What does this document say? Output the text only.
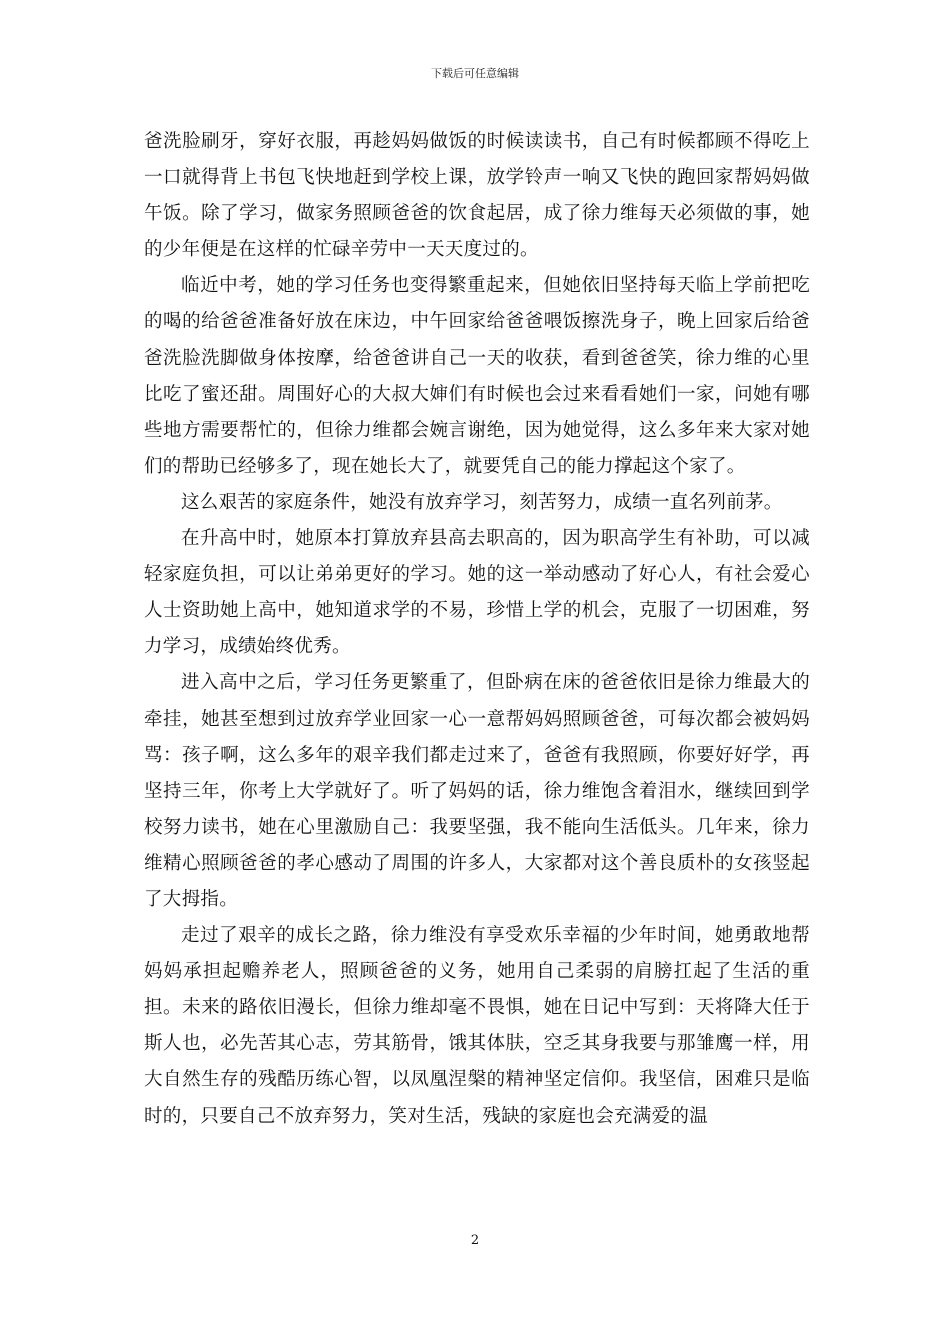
下载后可任意编辑

爸洗脸刷牙，穿好衣服，再趁妈妈做饭的时候读读书，自己有时候都顾不得吃上一口就得背上书包飞快地赶到学校上课，放学铃声一响又飞快的跑回家帮妈妈做午饭。除了学习，做家务照顾爸爸的饮食起居，成了徐力维每天必须做的事，她的少年便是在这样的忙碌辛劳中一天天度过的。

临近中考，她的学习任务也变得繁重起来，但她依旧坚持每天临上学前把吃的喝的给爸爸准备好放在床边，中午回家给爸爸喂饭擦洗身子，晚上回家后给爸爸洗脸洗脚做身体按摩，给爸爸讲自己一天的收获，看到爸爸笑，徐力维的心里比吃了蜜还甜。周围好心的大叔大婶们有时候也会过来看看她们一家，问她有哪些地方需要帮忙的，但徐力维都会婉言谢绝，因为她觉得，这么多年来大家对她们的帮助已经够多了，现在她长大了，就要凭自己的能力撑起这个家了。

这么艰苦的家庭条件，她没有放弃学习，刻苦努力，成绩一直名列前茅。

在升高中时，她原本打算放弃县高去职高的，因为职高学生有补助，可以减轻家庭负担，可以让弟弟更好的学习。她的这一举动感动了好心人，有社会爱心人士资助她上高中，她知道求学的不易，珍惜上学的机会，克服了一切困难，努力学习，成绩始终优秀。

进入高中之后，学习任务更繁重了，但卧病在床的爸爸依旧是徐力维最大的牵挂，她甚至想到过放弃学业回家一心一意帮妈妈照顾爸爸，可每次都会被妈妈骂：孩子啊，这么多年的艰辛我们都走过来了，爸爸有我照顾，你要好好学，再坚持三年，你考上大学就好了。听了妈妈的话，徐力维饱含着泪水，继续回到学校努力读书，她在心里激励自己：我要坚强，我不能向生活低头。几年来，徐力维精心照顾爸爸的孝心感动了周围的许多人，大家都对这个善良质朴的女孩竖起了大拇指。

走过了艰辛的成长之路，徐力维没有享受欢乐幸福的少年时间，她勇敢地帮妈妈承担起赡养老人，照顾爸爸的义务，她用自己柔弱的肩膀扛起了生活的重担。未来的路依旧漫长，但徐力维却毫不畏惧，她在日记中写到：天将降大任于斯人也，必先苦其心志，劳其筋骨，饿其体肤，空乏其身我要与那雏鹰一样，用大自然生存的残酷历练心智，以凤凰涅槃的精神坚定信仰。我坚信，困难只是临时的，只要自己不放弃努力，笑对生活，残缺的家庭也会充满爱的温

2
